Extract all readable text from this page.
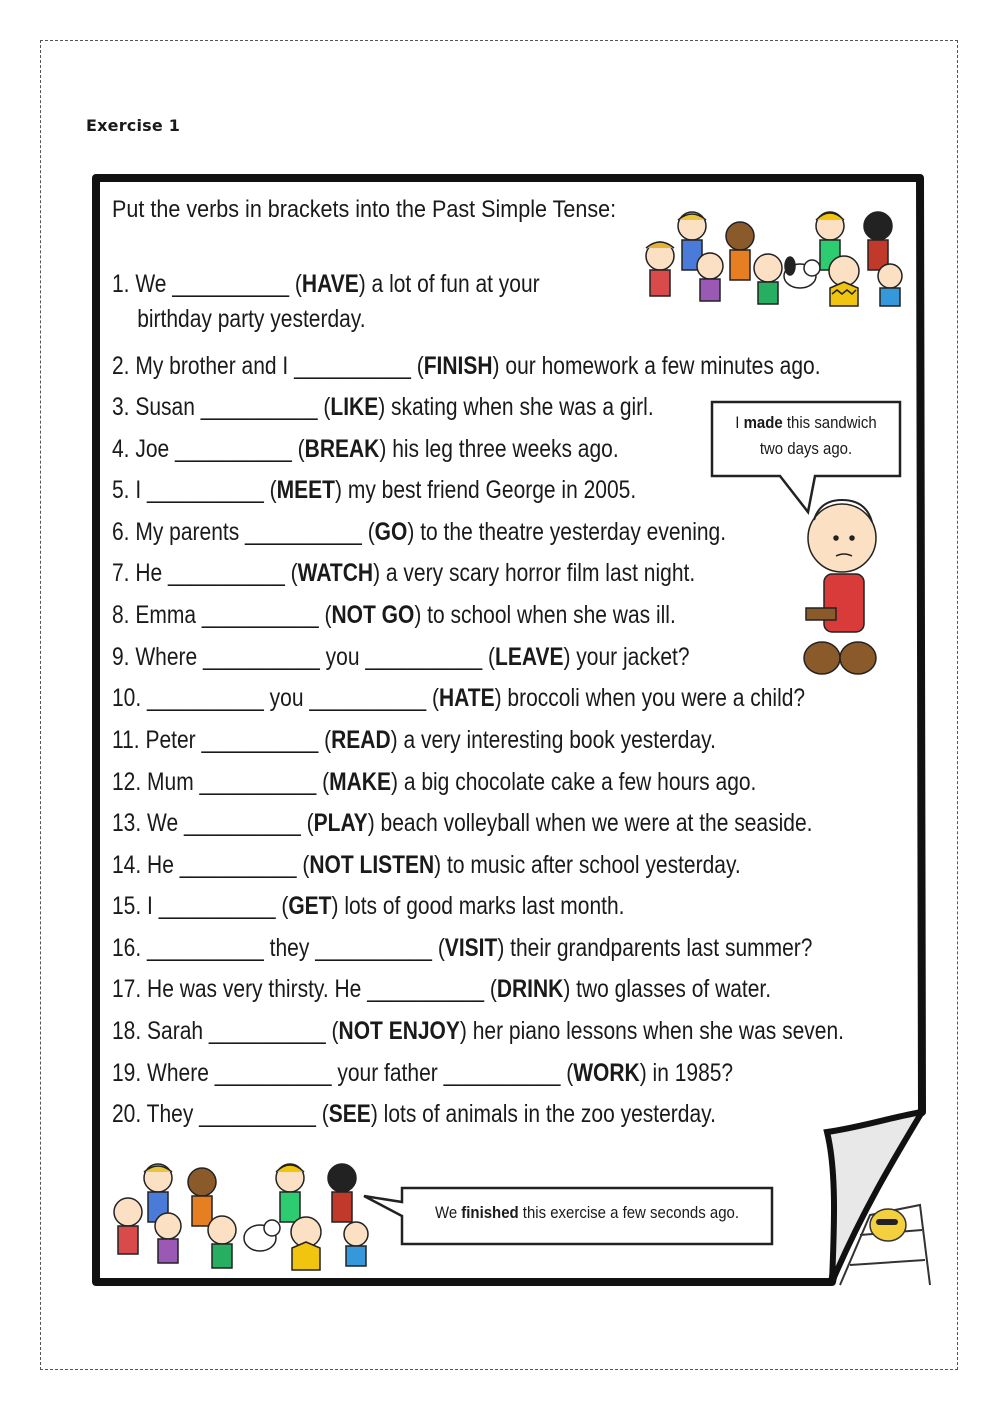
Exercise 1
Put the verbs in brackets into the Past Simple Tense:
1. We __________ (HAVE) a lot of fun at your
birthday party yesterday.
2. My brother and I __________ (FINISH) our homework a few minutes ago.
3. Susan __________ (LIKE) skating when she was a girl.
4. Joe __________ (BREAK) his leg three weeks ago.
5. I __________ (MEET) my best friend George in 2005.
6. My parents __________ (GO) to the theatre yesterday evening.
7. He __________ (WATCH) a very scary horror film last night.
8. Emma __________ (NOT GO) to school when she was ill.
9. Where __________ you __________ (LEAVE) your jacket?
10. __________ you __________ (HATE) broccoli when you were a child?
11. Peter __________ (READ) a very interesting book yesterday.
12. Mum __________ (MAKE) a big chocolate cake a few hours ago.
13. We __________ (PLAY) beach volleyball when we were at the seaside.
14. He __________ (NOT LISTEN) to music after school yesterday.
15. I __________ (GET) lots of good marks last month.
16. __________ they __________ (VISIT) their grandparents last summer?
17. He was very thirsty. He __________ (DRINK) two glasses of water.
18. Sarah __________ (NOT ENJOY) her piano lessons when she was seven.
19. Where __________ your father __________ (WORK) in 1985?
20. They __________ (SEE) lots of animals in the zoo yesterday.
I made this sandwich
two days ago.
We finished this exercise a few seconds ago.
